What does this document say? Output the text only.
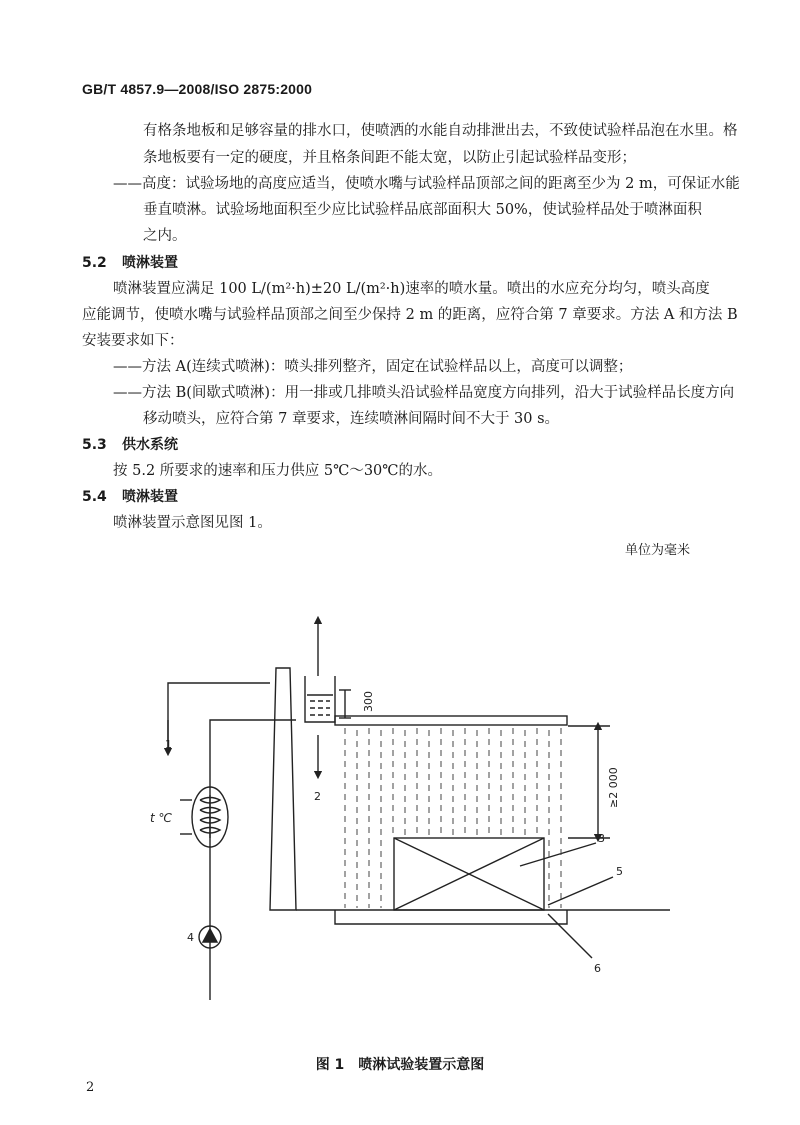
GB/T 4857.9—2008/ISO 2875:2000
有格条地板和足够容量的排水口，使喷洒的水能自动排泄出去，不致使试验样品泡在水里。格
条地板要有一定的硬度，并且格条间距不能太宽，以防止引起试验样品变形；
——高度：试验场地的高度应适当，使喷水嘴与试验样品顶部之间的距离至少为 2 m，可保证水能
垂直喷淋。试验场地面积至少应比试验样品底部面积大 50%，使试验样品处于喷淋面积
之内。
5.2 喷淋装置
喷淋装置应满足 100 L/(m²·h)±20 L/(m²·h)速率的喷水量。喷出的水应充分均匀，喷头高度
应能调节，使喷水嘴与试验样品顶部之间至少保持 2 m 的距离，应符合第 7 章要求。方法 A 和方法 B
安装要求如下：
——方法 A(连续式喷淋)：喷头排列整齐，固定在试验样品以上，高度可以调整；
——方法 B(间歇式喷淋)：用一排或几排喷头沿试验样品宽度方向排列，沿大于试验样品长度方向
移动喷头，应符合第 7 章要求，连续喷淋间隔时间不大于 30 s。
5.3 供水系统
按 5.2 所要求的速率和压力供应 5℃～30℃的水。
5.4 喷淋装置
喷淋装置示意图见图 1。
单位为毫米
300
≥2 000
t ℃
1
2
3
4
5
6
图 1　喷淋试验装置示意图
2
